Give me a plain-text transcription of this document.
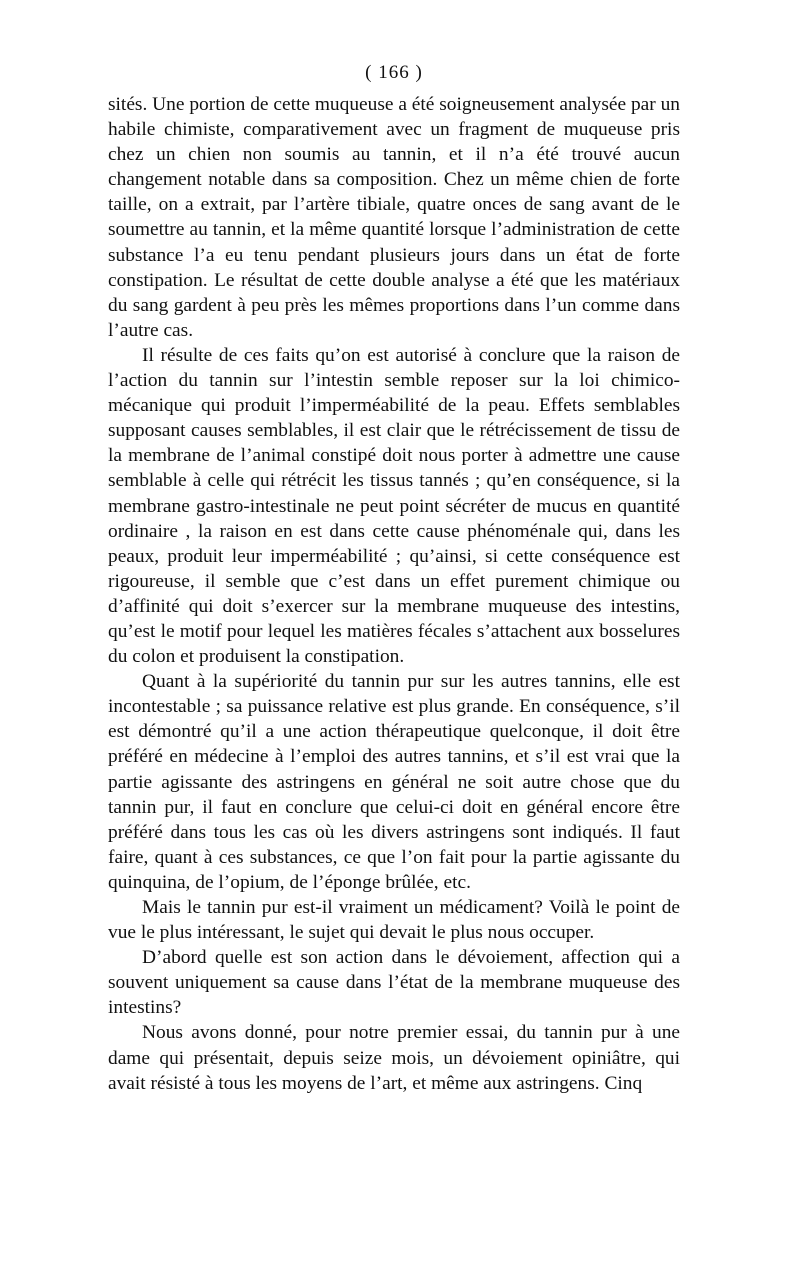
( 166 )

sités. Une portion de cette muqueuse a été soigneusement analysée par un habile chimiste, comparativement avec un fragment de muqueuse pris chez un chien non soumis au tannin, et il n’a été trouvé aucun changement notable dans sa composition. Chez un même chien de forte taille, on a extrait, par l’artère tibiale, quatre onces de sang avant de le soumettre au tannin, et la même quantité lorsque l’administration de cette substance l’a eu tenu pendant plusieurs jours dans un état de forte constipation. Le résultat de cette double analyse a été que les matériaux du sang gardent à peu près les mêmes proportions dans l’un comme dans l’autre cas.

Il résulte de ces faits qu’on est autorisé à conclure que la raison de l’action du tannin sur l’intestin semble reposer sur la loi chimico-mécanique qui produit l’imperméabilité de la peau. Effets semblables supposant causes semblables, il est clair que le rétrécissement de tissu de la membrane de l’animal constipé doit nous porter à admettre une cause semblable à celle qui rétrécit les tissus tannés ; qu’en conséquence, si la membrane gastro-intestinale ne peut point sécréter de mucus en quantité ordinaire , la raison en est dans cette cause phénoménale qui, dans les peaux, produit leur imperméabilité ; qu’ainsi, si cette conséquence est rigoureuse, il semble que c’est dans un effet purement chimique ou d’affinité qui doit s’exercer sur la membrane muqueuse des intestins, qu’est le motif pour lequel les matières fécales s’attachent aux bosselures du colon et produisent la constipation.

Quant à la supériorité du tannin pur sur les autres tannins, elle est incontestable ; sa puissance relative est plus grande. En conséquence, s’il est démontré qu’il a une action thérapeutique quelconque, il doit être préféré en médecine à l’emploi des autres tannins, et s’il est vrai que la partie agissante des astringens en général ne soit autre chose que du tannin pur, il faut en conclure que celui-ci doit en général encore être préféré dans tous les cas où les divers astringens sont indiqués. Il faut faire, quant à ces substances, ce que l’on fait pour la partie agissante du quinquina, de l’opium, de l’éponge brûlée, etc.

Mais le tannin pur est-il vraiment un médicament? Voilà le point de vue le plus intéressant, le sujet qui devait le plus nous occuper.

D’abord quelle est son action dans le dévoiement, affection qui a souvent uniquement sa cause dans l’état de la membrane muqueuse des intestins?

Nous avons donné, pour notre premier essai, du tannin pur à une dame qui présentait, depuis seize mois, un dévoiement opiniâtre, qui avait résisté à tous les moyens de l’art, et même aux astringens. Cinq
